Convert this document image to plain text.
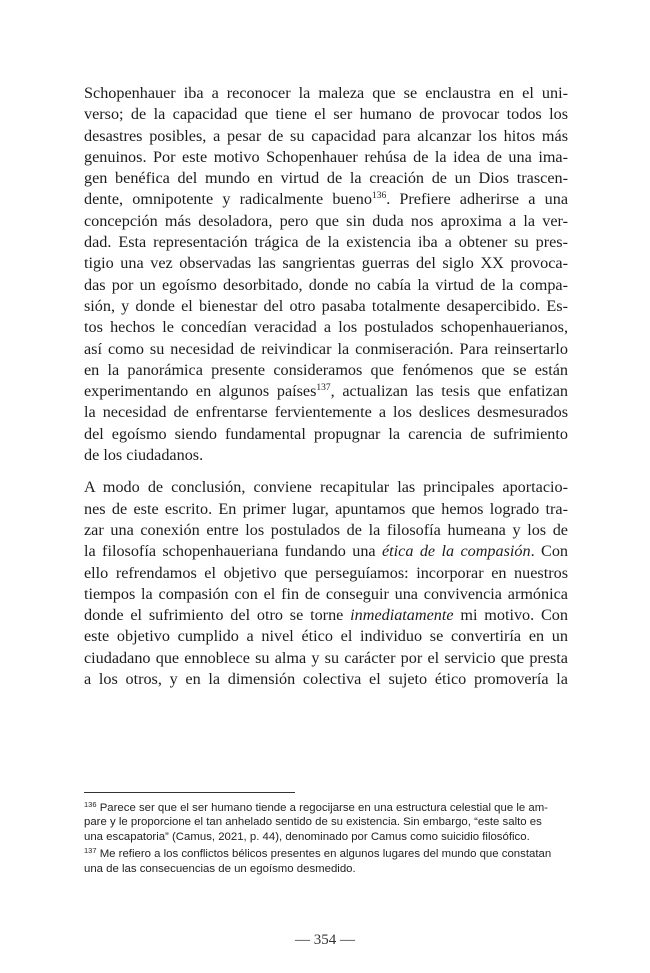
Schopenhauer iba a reconocer la maleza que se enclaustra en el uni-
verso; de la capacidad que tiene el ser humano de provocar todos los
desastres posibles, a pesar de su capacidad para alcanzar los hitos más
genuinos. Por este motivo Schopenhauer rehúsa de la idea de una ima-
gen benéfica del mundo en virtud de la creación de un Dios trascen-
dente, omnipotente y radicalmente bueno$^{136}$. Prefiere adherirse a una
concepción más desoladora, pero que sin duda nos aproxima a la ver-
dad. Esta representación trágica de la existencia iba a obtener su pres-
tigio una vez observadas las sangrientas guerras del siglo XX provoca-
das por un egoísmo desorbitado, donde no cabía la virtud de la compa-
sión, y donde el bienestar del otro pasaba totalmente desapercibido. Es-
tos hechos le concedían veracidad a los postulados schopenhauerianos,
así como su necesidad de reivindicar la conmiseración. Para reinsertarlo
en la panorámica presente consideramos que fenómenos que se están
experimentando en algunos países$^{137}$, actualizan las tesis que enfatizan
la necesidad de enfrentarse fervientemente a los deslices desmesurados
del egoísmo siendo fundamental propugnar la carencia de sufrimiento
de los ciudadanos.

A modo de conclusión, conviene recapitular las principales aportacio-
nes de este escrito. En primer lugar, apuntamos que hemos logrado tra-
zar una conexión entre los postulados de la filosofía humeana y los de
la filosofía schopenhaueriana fundando una ética de la compasión. Con
ello refrendamos el objetivo que perseguíamos: incorporar en nuestros
tiempos la compasión con el fin de conseguir una convivencia armónica
donde el sufrimiento del otro se torne inmediatamente mi motivo. Con
este objetivo cumplido a nivel ético el individuo se convertiría en un
ciudadano que ennoblece su alma y su carácter por el servicio que presta
a los otros, y en la dimensión colectiva el sujeto ético promovería la

$^{136}$ Parece ser que el ser humano tiende a regocijarse en una estructura celestial que le am-
pare y le proporcione el tan anhelado sentido de su existencia. Sin embargo, “este salto es
una escapatoria” (Camus, 2021, p. 44), denominado por Camus como suicidio filosófico.

$^{137}$ Me refiero a los conflictos bélicos presentes en algunos lugares del mundo que constatan
una de las consecuencias de un egoísmo desmedido.

— 354 —
